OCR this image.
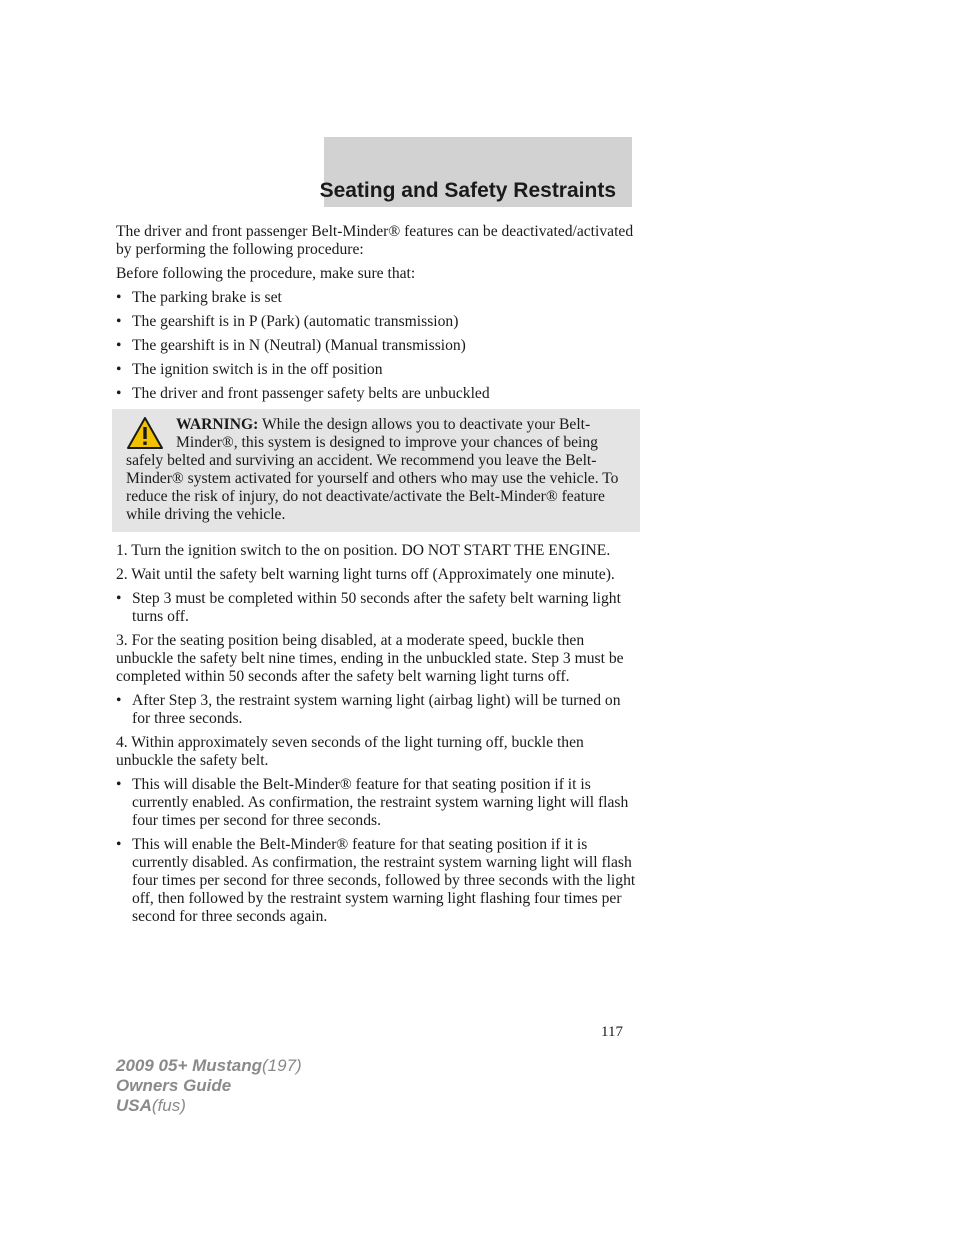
Seating and Safety Restraints

The driver and front passenger Belt-Minder® features can be deactivated/activated by performing the following procedure:

Before following the procedure, make sure that:

• The parking brake is set
• The gearshift is in P (Park) (automatic transmission)
• The gearshift is in N (Neutral) (Manual transmission)
• The ignition switch is in the off position
• The driver and front passenger safety belts are unbuckled
WARNING: While the design allows you to deactivate your Belt-Minder®, this system is designed to improve your chances of being safely belted and surviving an accident. We recommend you leave the Belt-Minder® system activated for yourself and others who may use the vehicle. To reduce the risk of injury, do not deactivate/activate the Belt-Minder® feature while driving the vehicle.

1. Turn the ignition switch to the on position. DO NOT START THE ENGINE.

2. Wait until the safety belt warning light turns off (Approximately one minute).

• Step 3 must be completed within 50 seconds after the safety belt warning light turns off.

3. For the seating position being disabled, at a moderate speed, buckle then unbuckle the safety belt nine times, ending in the unbuckled state. Step 3 must be completed within 50 seconds after the safety belt warning light turns off.

• After Step 3, the restraint system warning light (airbag light) will be turned on for three seconds.

4. Within approximately seven seconds of the light turning off, buckle then unbuckle the safety belt.

• This will disable the Belt-Minder® feature for that seating position if it is currently enabled. As confirmation, the restraint system warning light will flash four times per second for three seconds.
• This will enable the Belt-Minder® feature for that seating position if it is currently disabled. As confirmation, the restraint system warning light will flash four times per second for three seconds, followed by three seconds with the light off, then followed by the restraint system warning light flashing four times per second for three seconds again.
117
2009 05+ Mustang(197)
Owners Guide
USA(fus)
